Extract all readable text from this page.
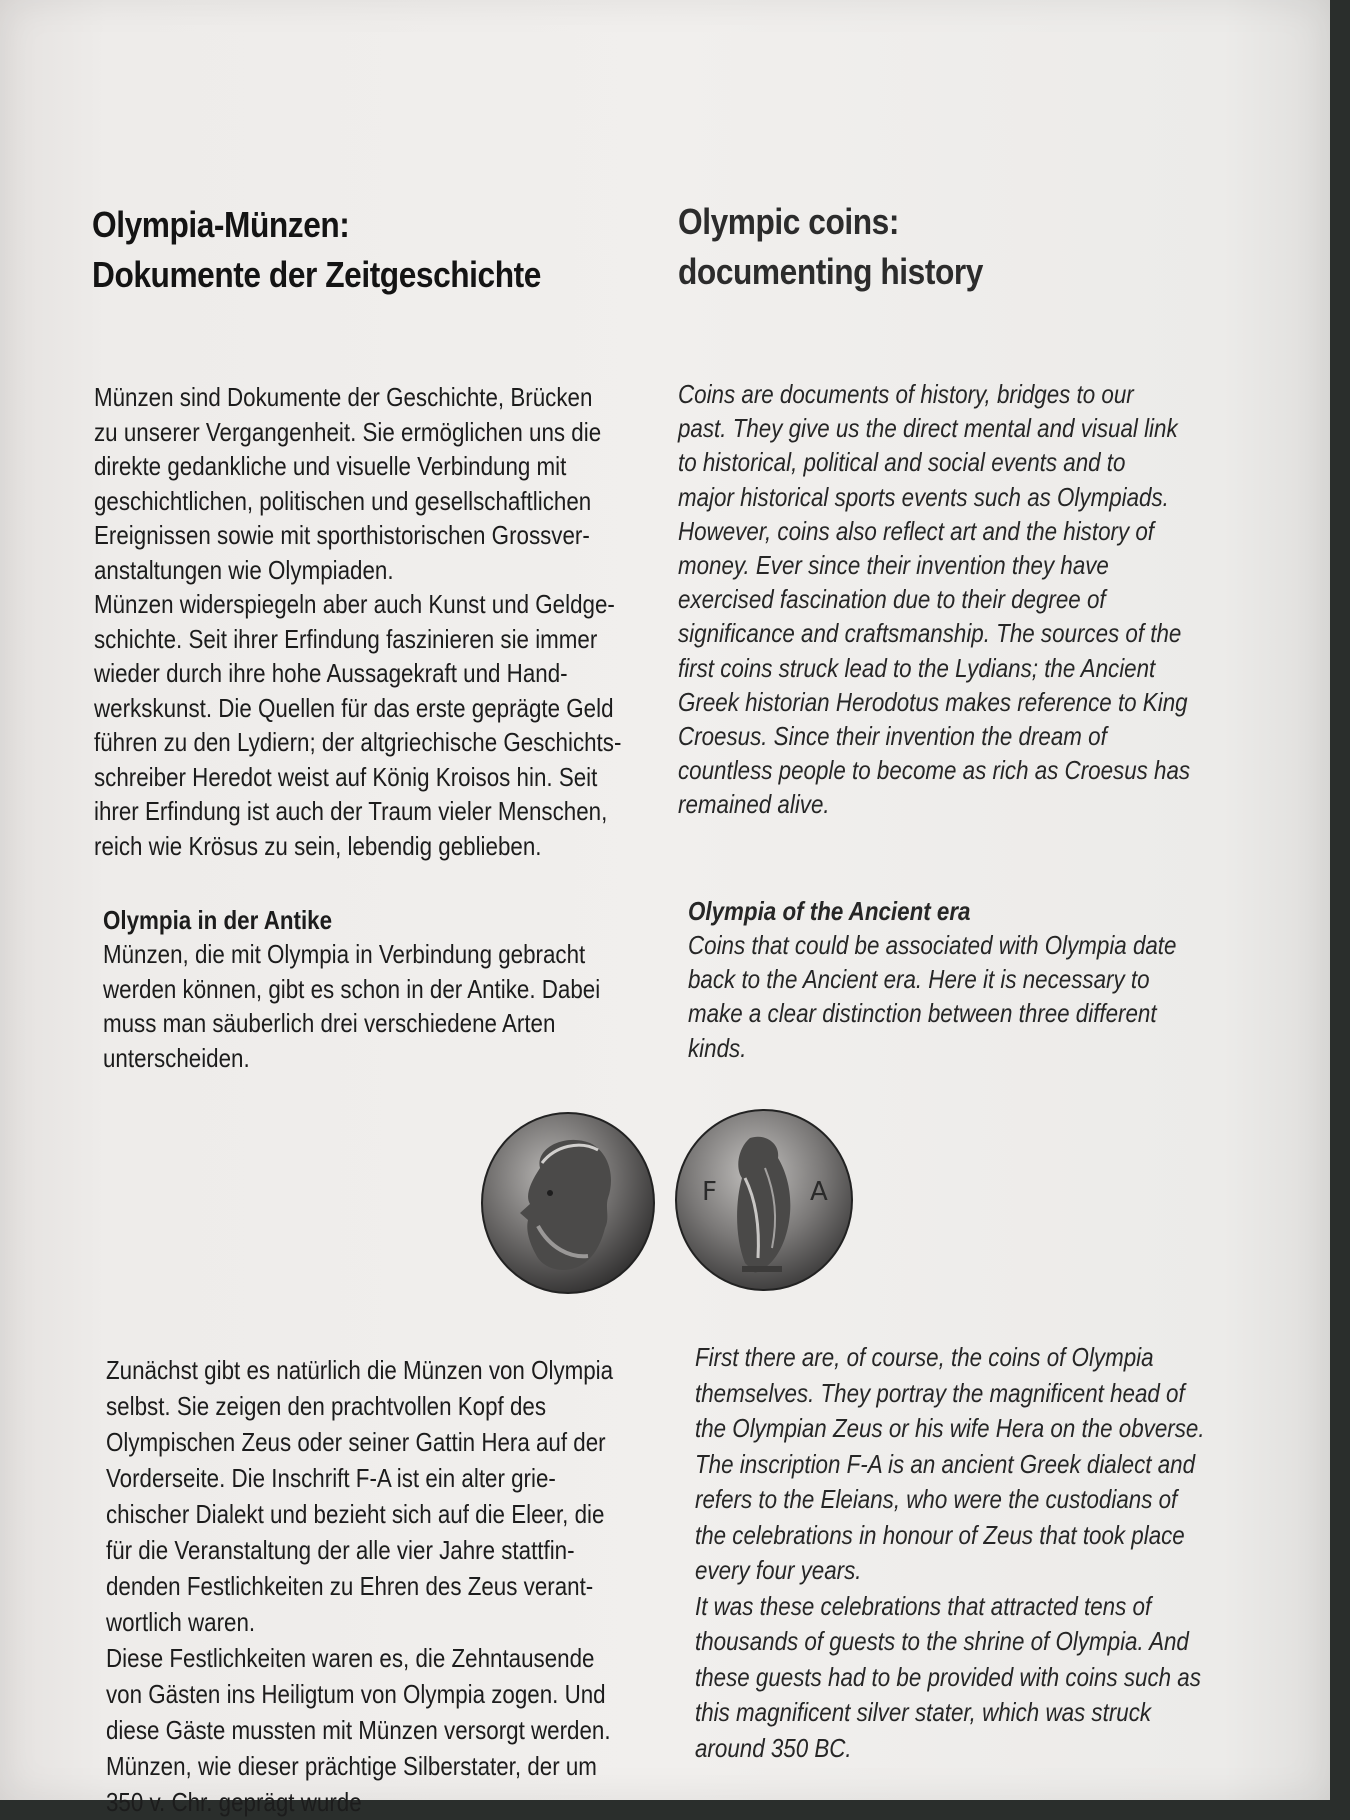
Olympia-Münzen:
Dokumente der Zeitgeschichte
Olympic coins:
documenting history

Münzen sind Dokumente der Geschichte, Brücken
zu unserer Vergangenheit. Sie ermöglichen uns die
direkte gedankliche und visuelle Verbindung mit
geschichtlichen, politischen und gesellschaftlichen
Ereignissen sowie mit sporthistorischen Grossver-
anstaltungen wie Olympiaden.
Münzen widerspiegeln aber auch Kunst und Geldge-
schichte. Seit ihrer Erfindung faszinieren sie immer
wieder durch ihre hohe Aussagekraft und Hand-
werkskunst. Die Quellen für das erste geprägte Geld
führen zu den Lydiern; der altgriechische Geschichts-
schreiber Heredot weist auf König Kroisos hin. Seit
ihrer Erfindung ist auch der Traum vieler Menschen,
reich wie Krösus zu sein, lebendig geblieben.

Coins are documents of history, bridges to our
past. They give us the direct mental and visual link
to historical, political and social events and to
major historical sports events such as Olympiads.
However, coins also reflect art and the history of
money. Ever since their invention they have
exercised fascination due to their degree of
significance and craftsmanship. The sources of the
first coins struck lead to the Lydians; the Ancient
Greek historian Herodotus makes reference to King
Croesus. Since their invention the dream of
countless people to become as rich as Croesus has
remained alive.

Olympia in der Antike

Münzen, die mit Olympia in Verbindung gebracht
werden können, gibt es schon in der Antike. Dabei
muss man säuberlich drei verschiedene Arten
unterscheiden.

Olympia of the Ancient era

Coins that could be associated with Olympia date
back to the Ancient era. Here it is necessary to
make a clear distinction between three different
kinds.

F	A

Zunächst gibt es natürlich die Münzen von Olympia
selbst. Sie zeigen den prachtvollen Kopf des
Olympischen Zeus oder seiner Gattin Hera auf der
Vorderseite. Die Inschrift F-A ist ein alter grie-
chischer Dialekt und bezieht sich auf die Eleer, die
für die Veranstaltung der alle vier Jahre stattfin-
denden Festlichkeiten zu Ehren des Zeus verant-
wortlich waren.
Diese Festlichkeiten waren es, die Zehntausende
von Gästen ins Heiligtum von Olympia zogen. Und
diese Gäste mussten mit Münzen versorgt werden.
Münzen, wie dieser prächtige Silberstater, der um
350 v. Chr. geprägt wurde

First there are, of course, the coins of Olympia
themselves. They portray the magnificent head of
the Olympian Zeus or his wife Hera on the obverse.
The inscription F-A is an ancient Greek dialect and
refers to the Eleians, who were the custodians of
the celebrations in honour of Zeus that took place
every four years.
It was these celebrations that attracted tens of
thousands of guests to the shrine of Olympia. And
these guests had to be provided with coins such as
this magnificent silver stater, which was struck
around 350 BC.
